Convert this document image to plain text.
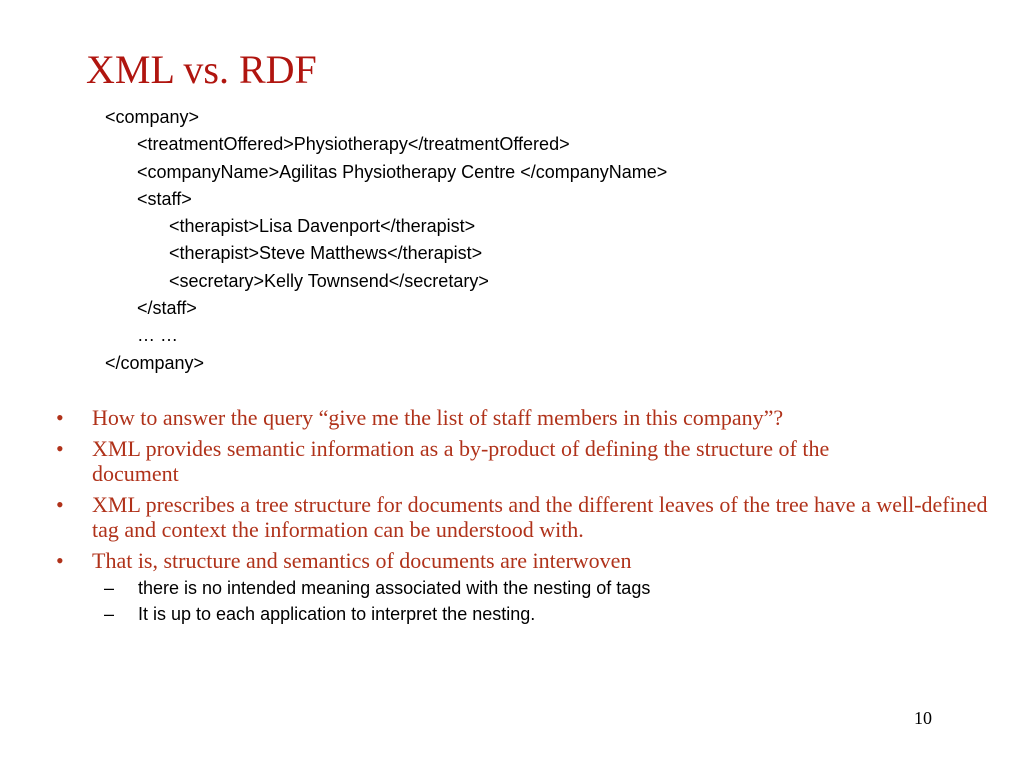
XML vs. RDF
<company>
<treatmentOffered>Physiotherapy</treatmentOffered>
<companyName>Agilitas Physiotherapy Centre </companyName>
<staff>
<therapist>Lisa Davenport</therapist>
<therapist>Steve Matthews</therapist>
<secretary>Kelly Townsend</secretary>
</staff>
… …
</company>
• How to answer the query “give me the list of staff members in this company”?
• XML provides semantic information as a by-product of defining the structure of the document
• XML prescribes a tree structure for documents and the different leaves of the tree have a well-defined tag and context the information can be understood with.
• That is, structure and semantics of documents are interwoven
– there is no intended meaning associated with the nesting of tags
– It is up to each application to interpret the nesting.
10
